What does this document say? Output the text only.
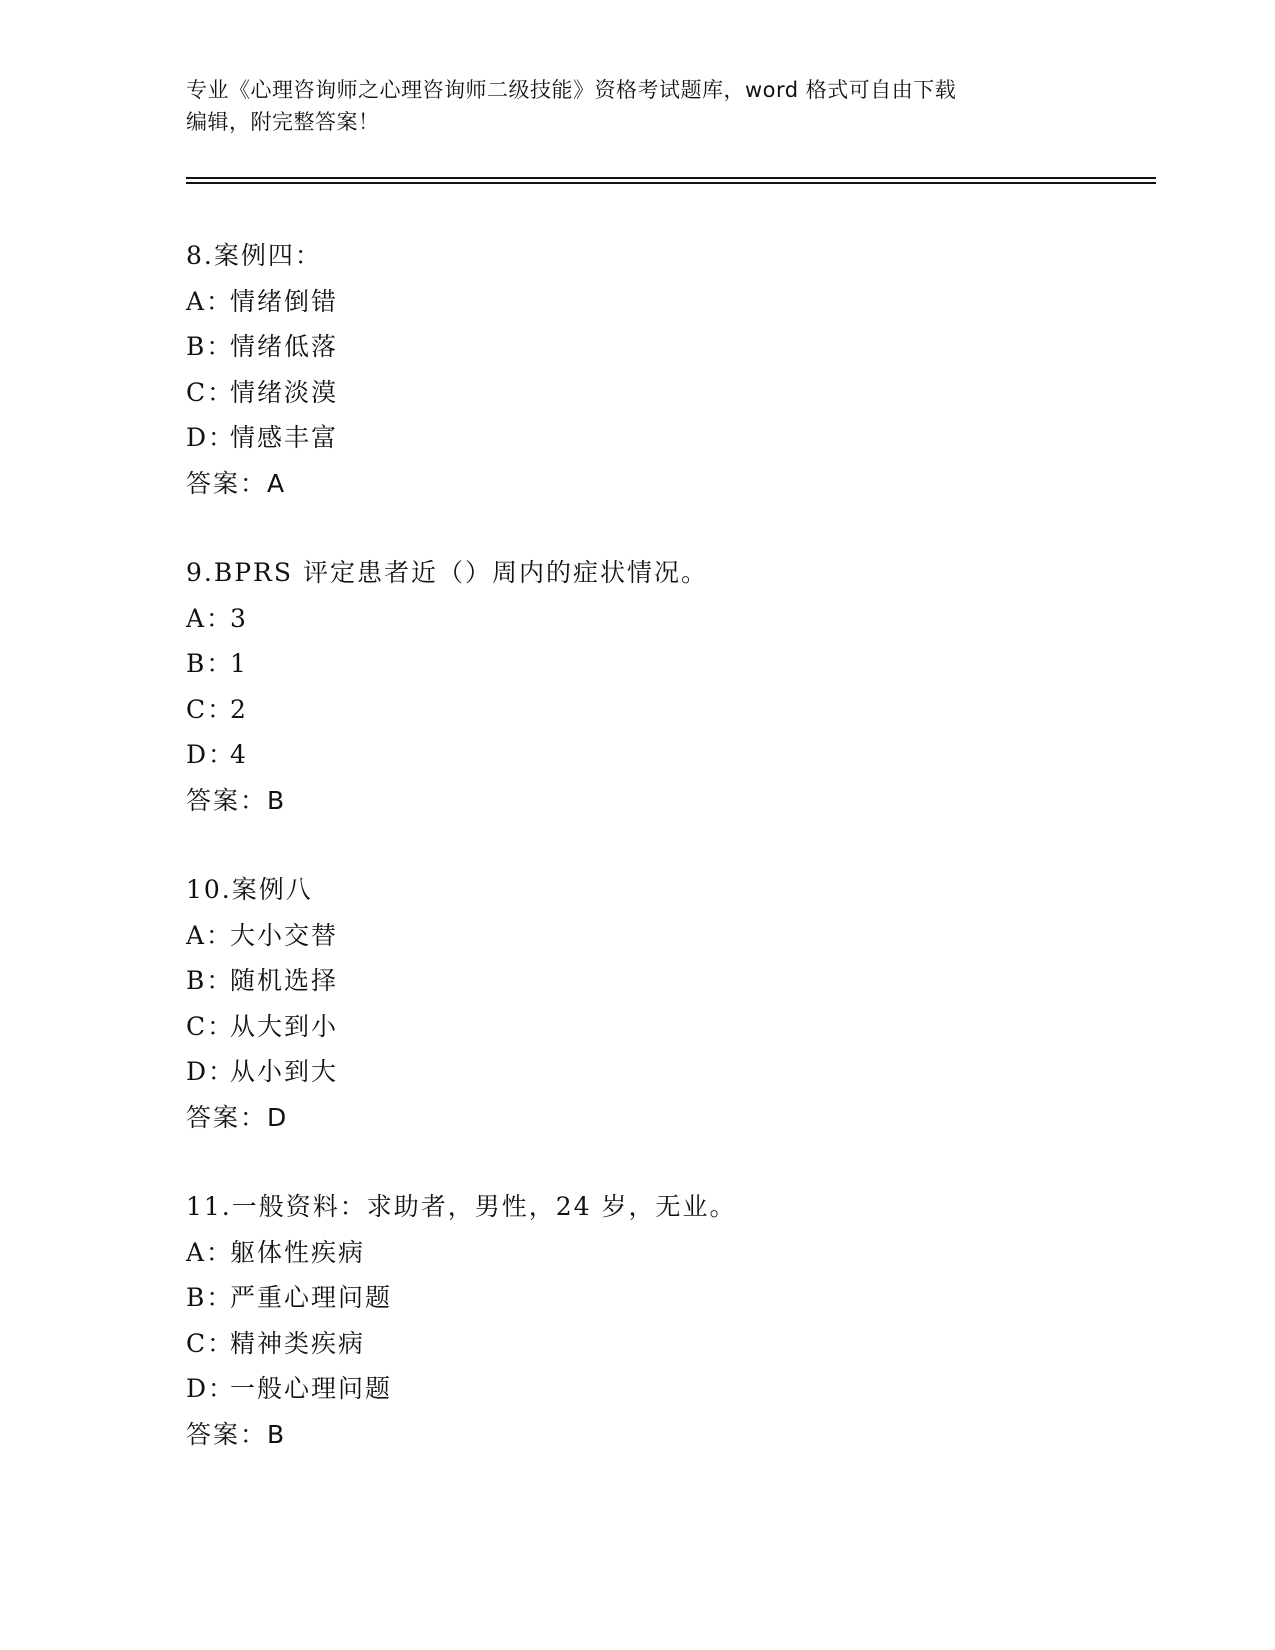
专业《心理咨询师之心理咨询师二级技能》资格考试题库，word 格式可自由下载
编辑，附完整答案！
8.案例四：
A：情绪倒错
B：情绪低落
C：情绪淡漠
D：情感丰富
答案：A
9.BPRS 评定患者近（）周内的症状情况。
A：3
B：1
C：2
D：4
答案：B
10.案例八
A：大小交替
B：随机选择
C：从大到小
D：从小到大
答案：D
11.一般资料：求助者，男性，24 岁，无业。
A：躯体性疾病
B：严重心理问题
C：精神类疾病
D：一般心理问题
答案：B
